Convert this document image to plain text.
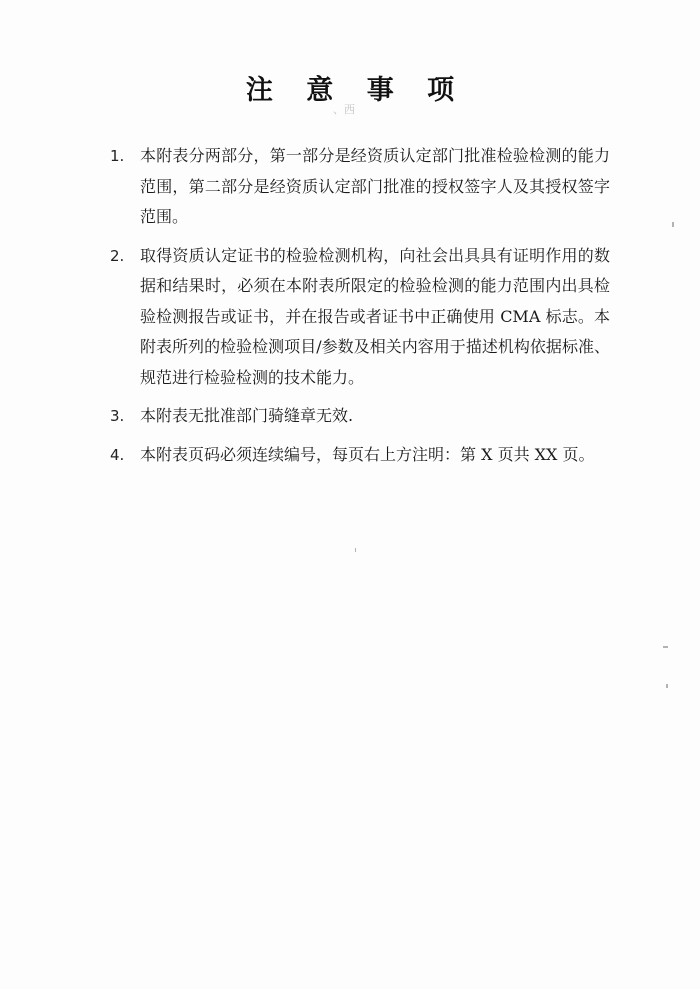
注 意 事 项
、西
1. 本附表分两部分，第一部分是经资质认定部门批准检验检测的能力范围，第二部分是经资质认定部门批准的授权签字人及其授权签字范围。
2. 取得资质认定证书的检验检测机构，向社会出具具有证明作用的数据和结果时，必须在本附表所限定的检验检测的能力范围内出具检验检测报告或证书，并在报告或者证书中正确使用 CMA 标志。本附表所列的检验检测项目/参数及相关内容用于描述机构依据标准、规范进行检验检测的技术能力。
3. 本附表无批准部门骑缝章无效.
4. 本附表页码必须连续编号，每页右上方注明：第 X 页共 XX 页。
